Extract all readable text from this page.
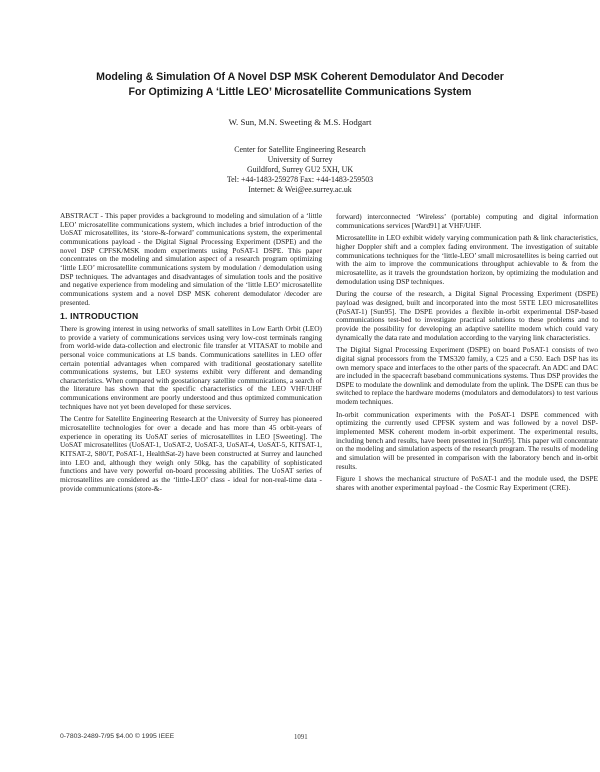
Modeling & Simulation Of A Novel DSP MSK Coherent Demodulator And Decoder
For Optimizing A ‘Little LEO’ Microsatellite Communications System
W. Sun, M.N. Sweeting & M.S. Hodgart
Center for Satellite Engineering Research
University of Surrey
Guildford, Surrey GU2 5XH, UK
Tel: +44-1483-259278 Fax: +44-1483-259503
Internet: & Wei@ee.surrey.ac.uk

ABSTRACT - This paper provides a background to modeling and simulation of a ‘little LEO’ microsatellite communications system, which includes a brief introduction of the UoSAT microsatellites, its ‘store-&-forward’ communications system, the experimental communications payload - the Digital Signal Processing Experiment (DSPE) and the novel DSP CPFSK/MSK modem experiments using PoSAT-1 DSPE. This paper concentrates on the modeling and simulation aspect of a research program optimizing ‘little LEO’ microsatellite communications system by modulation / demodulation using DSP techniques. The advantages and disadvantages of simulation tools and the positive and negative experience from modeling and simulation of the ‘little LEO’ microsatellite communications system and a novel DSP MSK coherent demodulator /decoder are presented.

1. INTRODUCTION

There is growing interest in using networks of small satellites in Low Earth Orbit (LEO) to provide a variety of communications services using very low-cost terminals ranging from world-wide data-collection and electronic file transfer at VITASAT to mobile and personal voice communications at LS bands. Communications satellites in LEO offer certain potential advantages when compared with traditional geostationary satellite communications systems, but LEO systems exhibit very different and demanding characteristics. When compared with geostationary satellite communications, a search of the literature has shown that the specific characteristics of the LEO VHF/UHF communications environment are poorly understood and thus optimized communication techniques have not yet been developed for these services.

The Centre for Satellite Engineering Research at the University of Surrey has pioneered microsatellite technologies for over a decade and has more than 45 orbit-years of experience in operating its UoSAT series of microsatellites in LEO [Sweeting]. The UoSAT microsatellites (UoSAT-1, UoSAT-2, UoSAT-3, UoSAT-4, UoSAT-5, KITSAT-1, KITSAT-2, S80/T, PoSAT-1, HealthSat-2) have been constructed at Surrey and launched into LEO and, although they weigh only 50kg, has the capability of sophisticated functions and have very powerful on-board processing abilities. The UoSAT series of microsatellites are considered as the ‘little-LEO’ class - ideal for non-real-time data - provide communications (store-&-

forward) interconnected ‘Wireless’ (portable) computing and digital information communications services [Ward91] at VHF/UHF.

Microsatellite in LEO exhibit widely varying communication path & link characteristics, higher Doppler shift and a complex fading environment. The investigation of suitable communications techniques for the ‘little-LEO’ small microsatellites is being carried out with the aim to improve the communications throughput achievable to & from the microsatellite, as it travels the groundstation horizon, by optimizing the modulation and demodulation using DSP techniques.

During the course of the research, a Digital Signal Processing Experiment (DSPE) payload was designed, built and incorporated into the most 5STE LEO microsatellites (PoSAT-1) [Sun95]. The DSPE provides a flexible in-orbit experimental DSP-based communications test-bed to investigate practical solutions to these problems and to provide the possibility for developing an adaptive satellite modem which could vary dynamically the data rate and modulation according to the varying link characteristics.

The Digital Signal Processing Experiment (DSPE) on board PoSAT-1 consists of two digital signal processors from the TMS320 family, a C25 and a C50. Each DSP has its own memory space and interfaces to the other parts of the spacecraft. An ADC and DAC are included in the spacecraft baseband communications systems. Thus DSP provides the DSPE to modulate the downlink and demodulate from the uplink. The DSPE can thus be switched to replace the hardware modems (modulators and demodulators) to test various modem techniques.

In-orbit communication experiments with the PoSAT-1 DSPE commenced with optimizing the currently used CPFSK system and was followed by a novel DSP-implemented MSK coherent modem in-orbit experiment. The experimental results, including bench and results, have been presented in [Sun95]. This paper will concentrate on the modeling and simulation aspects of the research program. The results of modeling and simulation will be presented in comparison with the laboratory bench and in-orbit results.

Figure 1 shows the mechanical structure of PoSAT-1 and the module used, the DSPE shares with another experimental payload - the Cosmic Ray Experiment (CRE).

0-7803-2489-7/95 $4.00 © 1995 IEEE	1091
